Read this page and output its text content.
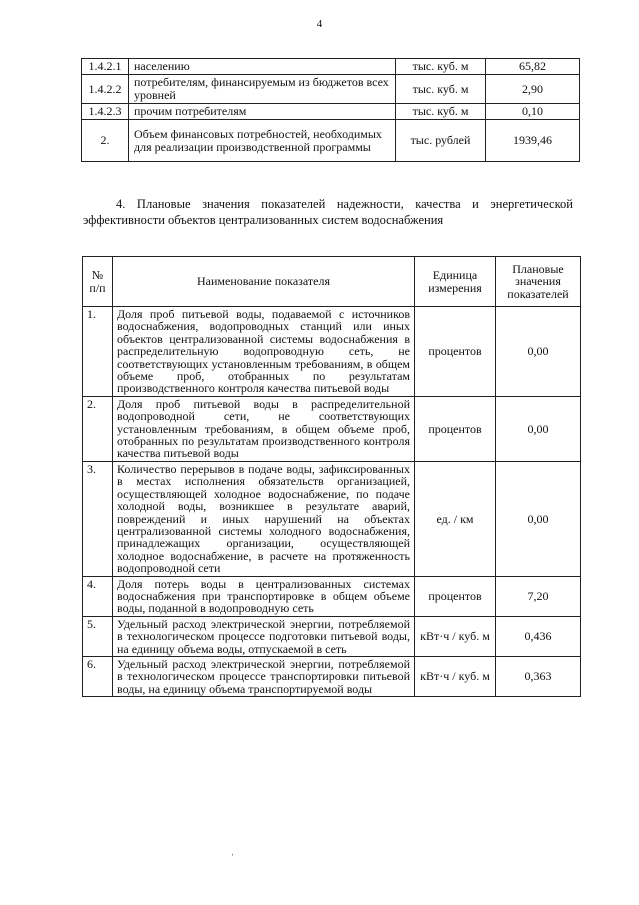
4
1.4.2.1	населению	тыс. куб. м	65,82
1.4.2.2	потребителям, финансируемым из бюджетов всех уровней	тыс. куб. м	2,90
1.4.2.3	прочим потребителям	тыс. куб. м	0,10
2.	Объем финансовых потребностей, необходимых для реализации производственной программы	тыс. рублей	1939,46
4. Плановые значения показателей надежности, качества и энергетической эффективности объектов централизованных систем водоснабжения
№ п/п	Наименование показателя	Единица измерения	Плановые значения показателей
1.	Доля проб питьевой воды, подаваемой с источников водоснабжения, водопроводных станций или иных объектов централизованной системы водоснабжения в распределительную водопроводную сеть, не соответствующих установленным требованиям, в общем объеме проб, отобранных по результатам производственного контроля качества питьевой воды	процентов	0,00
2.	Доля проб питьевой воды в распределительной водопроводной сети, не соответствующих установленным требованиям, в общем объеме проб, отобранных по результатам производственного контроля качества питьевой воды	процентов	0,00
3.	Количество перерывов в подаче воды, зафиксированных в местах исполнения обязательств организацией, осуществляющей холодное водоснабжение, по подаче холодной воды, возникшее в результате аварий, повреждений и иных нарушений на объектах централизованной системы холодного водоснабжения, принадлежащих организации, осуществляющей холодное водоснабжение, в расчете на протяженность водопроводной сети	ед. / км	0,00
4.	Доля потерь воды в централизованных системах водоснабжения при транспортировке в общем объеме воды, поданной в водопроводную сеть	процентов	7,20
5.	Удельный расход электрической энергии, потребляемой в технологическом процессе подготовки питьевой воды, на единицу объема воды, отпускаемой в сеть	кВт·ч / куб. м	0,436
6.	Удельный расход электрической энергии, потребляемой в технологическом процессе транспортировки питьевой воды, на единицу объема транспортируемой воды	кВт·ч / куб. м	0,363
ˌ
